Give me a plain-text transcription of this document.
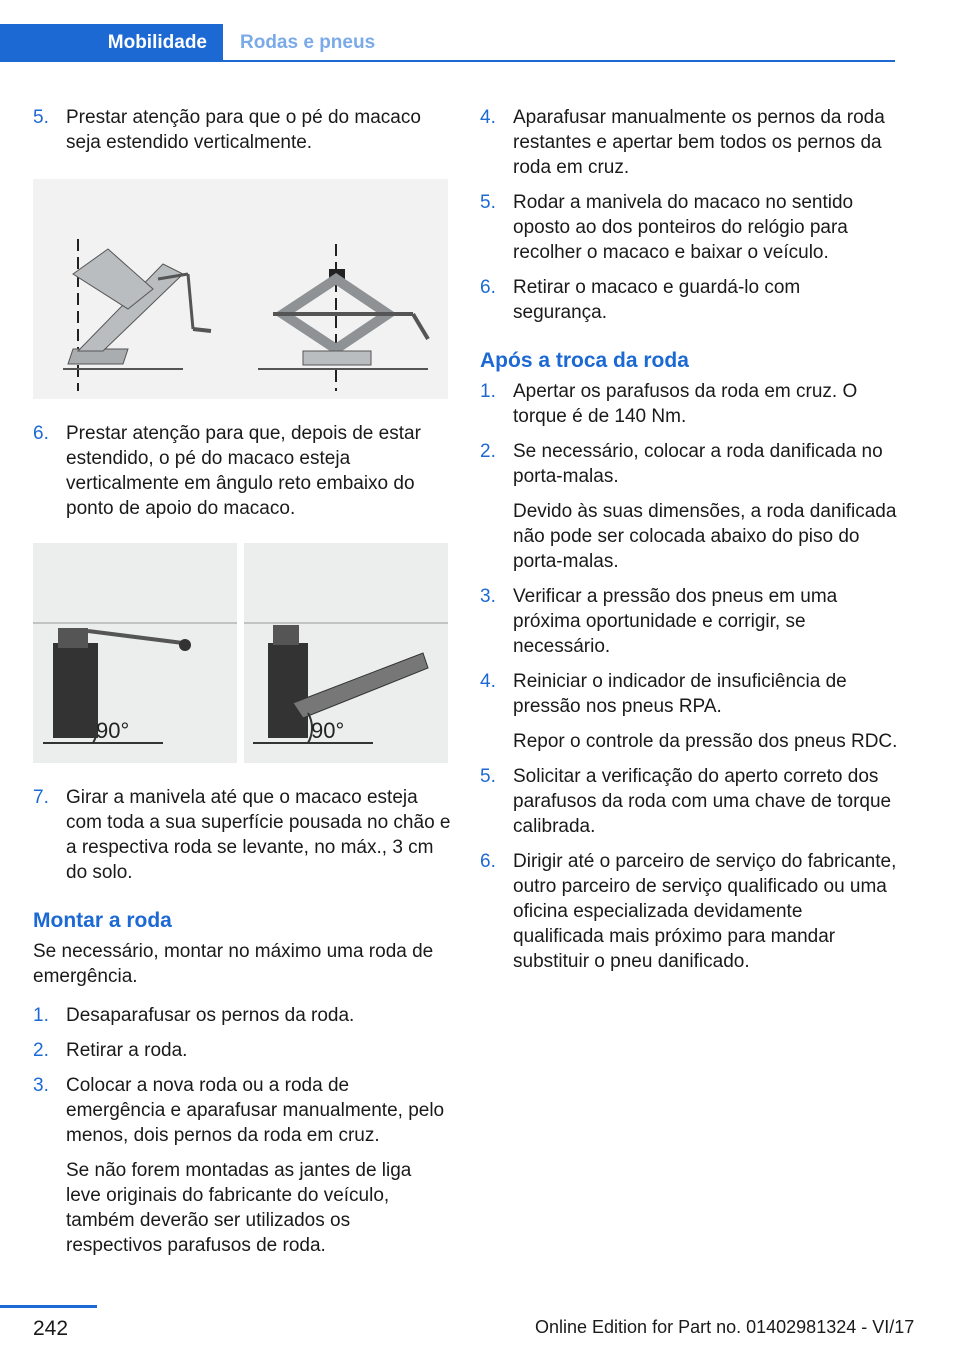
Mobilidade Rodas e pneus
5. Prestar atenção para que o pé do macaco seja estendido verticalmente.
6. Prestar atenção para que, depois de estar estendido, o pé do macaco esteja verticalmente em ângulo reto embaixo do ponto de apoio do macaco.
90°	90°
7. Girar a manivela até que o macaco esteja com toda a sua superfície pousada no chão e a respectiva roda se levante, no máx., 3 cm do solo.
Montar a roda
Se necessário, montar no máximo uma roda de emergência.
1. Desaparafusar os pernos da roda.
2. Retirar a roda.
3. Colocar a nova roda ou a roda de emergência e aparafusar manualmente, pelo menos, dois pernos da roda em cruz.
Se não forem montadas as jantes de liga leve originais do fabricante do veículo, também deverão ser utilizados os respectivos parafusos de roda.
4. Aparafusar manualmente os pernos da roda restantes e apertar bem todos os pernos da roda em cruz.
5. Rodar a manivela do macaco no sentido oposto ao dos ponteiros do relógio para recolher o macaco e baixar o veículo.
6. Retirar o macaco e guardá-lo com segurança.
Após a troca da roda
1. Apertar os parafusos da roda em cruz. O torque é de 140 Nm.
2. Se necessário, colocar a roda danificada no porta-malas.
Devido às suas dimensões, a roda danificada não pode ser colocada abaixo do piso do porta-malas.
3. Verificar a pressão dos pneus em uma próxima oportunidade e corrigir, se necessário.
4. Reiniciar o indicador de insuficiência de pressão nos pneus RPA.
Repor o controle da pressão dos pneus RDC.
5. Solicitar a verificação do aperto correto dos parafusos da roda com uma chave de torque calibrada.
6. Dirigir até o parceiro de serviço do fabricante, outro parceiro de serviço qualificado ou uma oficina especializada devidamente qualificada mais próximo para mandar substituir o pneu danificado.
242	Online Edition for Part no. 01402981324 - VI/17
